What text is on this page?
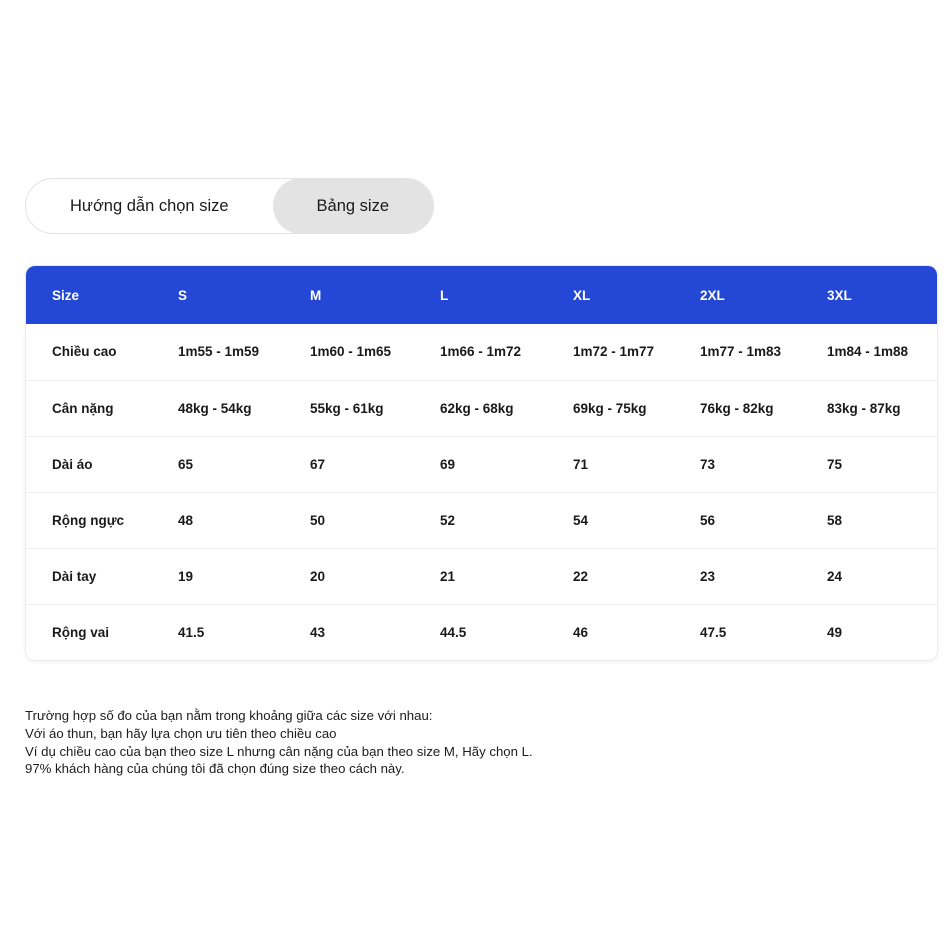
Hướng dẫn chọn size	Bảng size
Size	S	M	L	XL	2XL	3XL
Chiều cao	1m55 - 1m59	1m60 - 1m65	1m66 - 1m72	1m72 - 1m77	1m77 - 1m83	1m84 - 1m88
Cân nặng	48kg - 54kg	55kg - 61kg	62kg - 68kg	69kg - 75kg	76kg - 82kg	83kg - 87kg
Dài áo	65	67	69	71	73	75
Rộng ngực	48	50	52	54	56	58
Dài tay	19	20	21	22	23	24
Rộng vai	41.5	43	44.5	46	47.5	49
Trường hợp số đo của bạn nằm trong khoảng giữa các size với nhau:
Với áo thun, bạn hãy lựa chọn ưu tiên theo chiều cao
Ví dụ chiều cao của bạn theo size L nhưng cân nặng của bạn theo size M, Hãy chọn L.
97% khách hàng của chúng tôi đã chọn đúng size theo cách này.
